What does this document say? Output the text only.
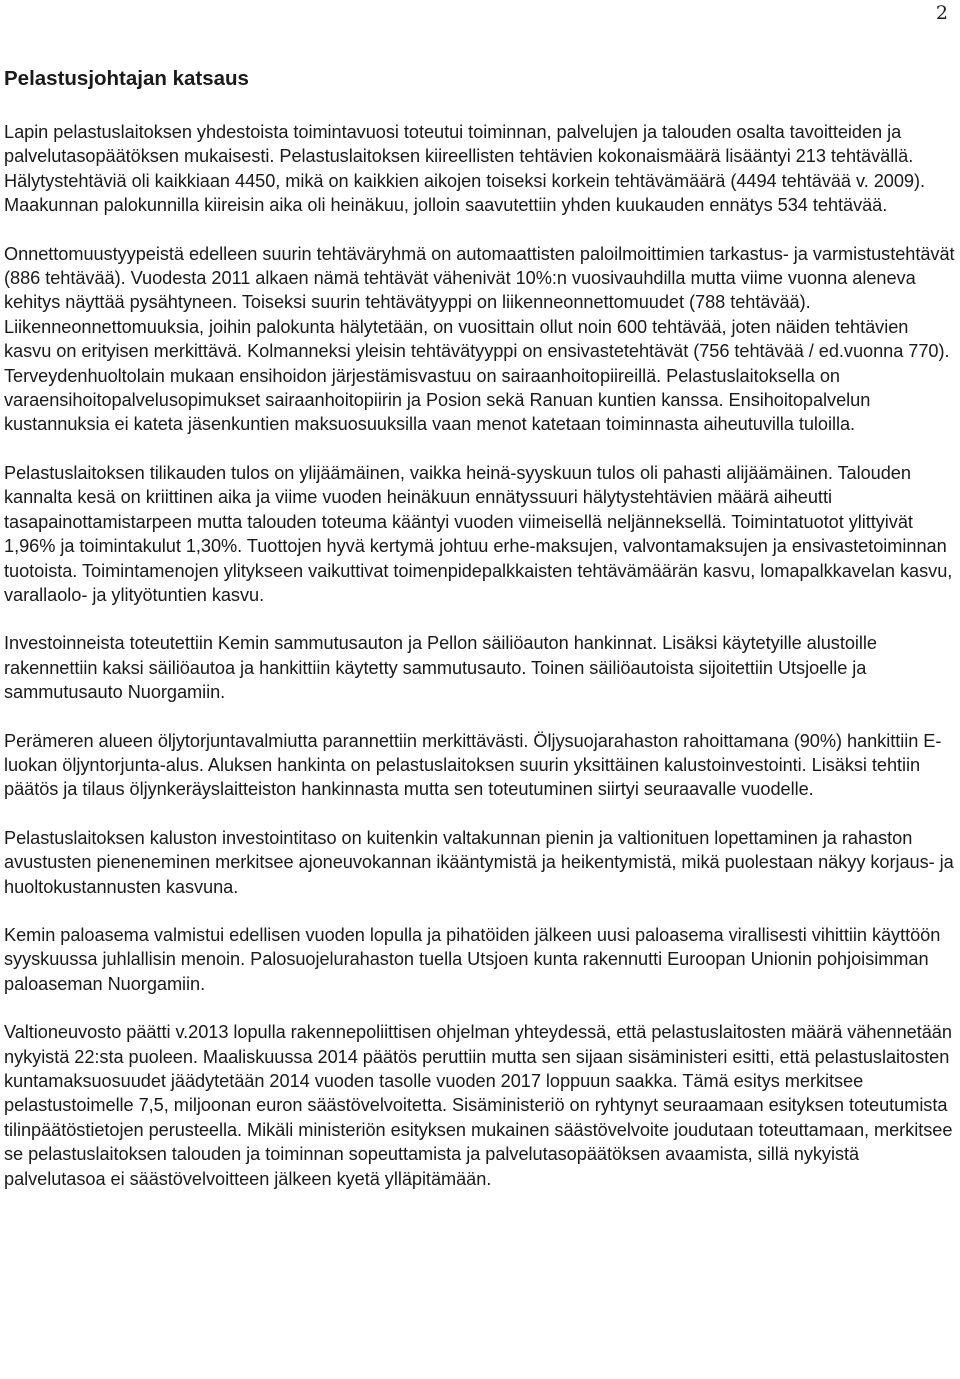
2
Pelastusjohtajan katsaus

Lapin pelastuslaitoksen yhdestoista toimintavuosi toteutui toiminnan, palvelujen ja talouden osalta tavoitteiden ja palvelutasopäätöksen mukaisesti. Pelastuslaitoksen kiireellisten tehtävien kokonaismäärä lisääntyi 213 tehtävällä. Hälytystehtäviä oli kaikkiaan 4450, mikä on kaikkien aikojen toiseksi korkein tehtävämäärä (4494 tehtävää v. 2009). Maakunnan palokunnilla kiireisin aika oli heinäkuu, jolloin saavutettiin yhden kuukauden ennätys 534 tehtävää.

Onnettomuustyypeistä edelleen suurin tehtäväryhmä on automaattisten paloilmoittimien tarkastus- ja varmistustehtävät (886 tehtävää). Vuodesta 2011 alkaen nämä tehtävät vähenivät 10%:n vuosivauhdilla mutta viime vuonna aleneva kehitys näyttää pysähtyneen. Toiseksi suurin tehtävätyyppi on liikenneonnettomuudet (788 tehtävää). Liikenneonnettomuuksia, joihin palokunta hälytetään, on vuosittain ollut noin 600 tehtävää, joten näiden tehtävien kasvu on erityisen merkittävä. Kolmanneksi yleisin tehtävätyyppi on ensivastetehtävät (756 tehtävää / ed.vuonna 770). Terveydenhuoltolain mukaan ensihoidon järjestämisvastuu on sairaanhoitopiireillä. Pelastuslaitoksella on varaensihoitopalvelusopimukset sairaanhoitopiirin ja Posion sekä Ranuan kuntien kanssa. Ensihoitopalvelun kustannuksia ei kateta jäsenkuntien maksuosuuksilla vaan menot katetaan toiminnasta aiheutuvilla tuloilla.

Pelastuslaitoksen tilikauden tulos on ylijäämäinen, vaikka heinä-syyskuun tulos oli pahasti alijäämäinen. Talouden kannalta kesä on kriittinen aika ja viime vuoden heinäkuun ennätyssuuri hälytystehtävien määrä aiheutti tasapainottamistarpeen mutta talouden toteuma kääntyi vuoden viimeisellä neljänneksellä. Toimintatuotot ylittyivät 1,96% ja toimintakulut 1,30%. Tuottojen hyvä kertymä johtuu erhe-maksujen, valvontamaksujen ja ensivastetoiminnan tuotoista. Toimintamenojen ylitykseen vaikuttivat toimenpidepalkkaisten tehtävämäärän kasvu, lomapalkkavelan kasvu, varallaolo- ja ylityötuntien kasvu.

Investoinneista toteutettiin Kemin sammutusauton ja Pellon säiliöauton hankinnat. Lisäksi käytetyille alustoille rakennettiin kaksi säiliöautoa ja hankittiin käytetty sammutusauto. Toinen säiliöautoista sijoitettiin Utsjoelle ja sammutusauto Nuorgamiin.

Perämeren alueen öljytorjuntavalmiutta parannettiin merkittävästi. Öljysuojarahaston rahoittamana (90%) hankittiin E-luokan öljyntorjunta-alus. Aluksen hankinta on pelastuslaitoksen suurin yksittäinen kalustoinvestointi. Lisäksi tehtiin päätös ja tilaus öljynkeräyslaitteiston hankinnasta mutta sen toteutuminen siirtyi seuraavalle vuodelle.

Pelastuslaitoksen kaluston investointitaso on kuitenkin valtakunnan pienin ja valtionituen lopettaminen ja rahaston avustusten pieneneminen merkitsee ajoneuvokannan ikääntymistä ja heikentymistä, mikä puolestaan näkyy korjaus- ja huoltokustannusten kasvuna.

Kemin paloasema valmistui edellisen vuoden lopulla ja pihatöiden jälkeen uusi paloasema virallisesti vihittiin käyttöön syyskuussa juhlallisin menoin. Palosuojelurahaston tuella Utsjoen kunta rakennutti Euroopan Unionin pohjoisimman paloaseman Nuorgamiin.

Valtioneuvosto päätti v.2013 lopulla rakennepoliittisen ohjelman yhteydessä, että pelastuslaitosten määrä vähennetään nykyistä 22:sta puoleen. Maaliskuussa 2014 päätös peruttiin mutta sen sijaan sisäministeri esitti, että pelastuslaitosten kuntamaksuosuudet jäädytetään 2014 vuoden tasolle vuoden 2017 loppuun saakka. Tämä esitys merkitsee pelastustoimelle 7,5, miljoonan euron säästövelvoitetta. Sisäministeriö on ryhtynyt seuraamaan esityksen toteutumista tilinpäätöstietojen perusteella. Mikäli ministeriön esityksen mukainen säästövelvoite joudutaan toteuttamaan, merkitsee se pelastuslaitoksen talouden ja toiminnan sopeuttamista ja palvelutasopäätöksen avaamista, sillä nykyistä palvelutasoa ei säästövelvoitteen jälkeen kyetä ylläpitämään.
